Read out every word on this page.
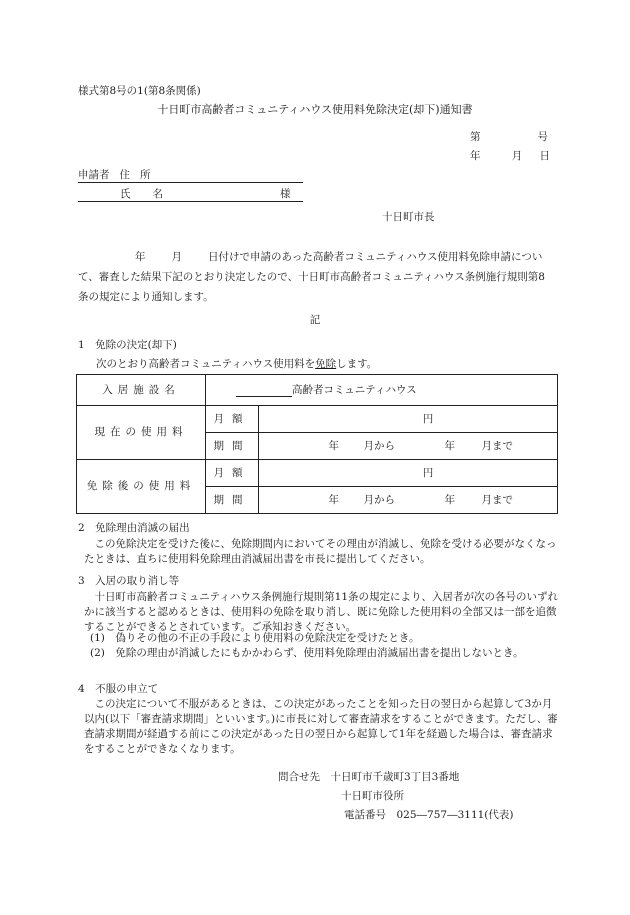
様式第8号の1(第8条関係)
十日町市高齢者コミュニティハウス使用料免除決定(却下)通知書
第	号
年	月 日
申請者 住所
氏名	様
十日町市長
年 月 日付けで申請のあった高齢者コミュニティハウス使用料免除申請について、審査した結果下記のとおり決定したので、十日町市高齢者コミュニティハウス条例施行規則第8条の規定により通知します。
記
1　免除の決定(却下)
次のとおり高齢者コミュニティハウス使用料を免除します。
入居施設名	高齢者コミュニティハウス	
現在の使用料	月額	円
	期間	年 月から 年 月まで
免除後の使用料	月額	円
	期間	年 月から 年 月まで
2　免除理由消滅の届出
この免除決定を受けた後に、免除期間内においてその理由が消滅し、免除を受ける必要がなくなったときは、直ちに使用料免除理由消滅届出書を市長に提出してください。
3　入居の取り消し等
十日町市高齢者コミュニティハウス条例施行規則第11条の規定により、入居者が次の各号のいずれかに該当すると認めるときは、使用料の免除を取り消し、既に免除した使用料の全部又は一部を追徴することができるとされています。ご承知おきください。
(1)　 偽りその他の不正の手段により使用料の免除決定を受けたとき。
(2)　 免除の理由が消滅したにもかかわらず、使用料免除理由消滅届出書を提出しないとき。
4　不服の申立て
この決定について不服があるときは、この決定があったことを知った日の翌日から起算して3か月以内(以下「審査請求期間」といいます。)に市長に対して審査請求をすることができます。ただし、審査請求期間が経過する前にこの決定があった日の翌日から起算して1年を経過した場合は、審査請求をすることができなくなります。
問合せ先　 十日町市千歳町3丁目3番地
十日町市役所
電話番号　 025―757―3111(代表)
